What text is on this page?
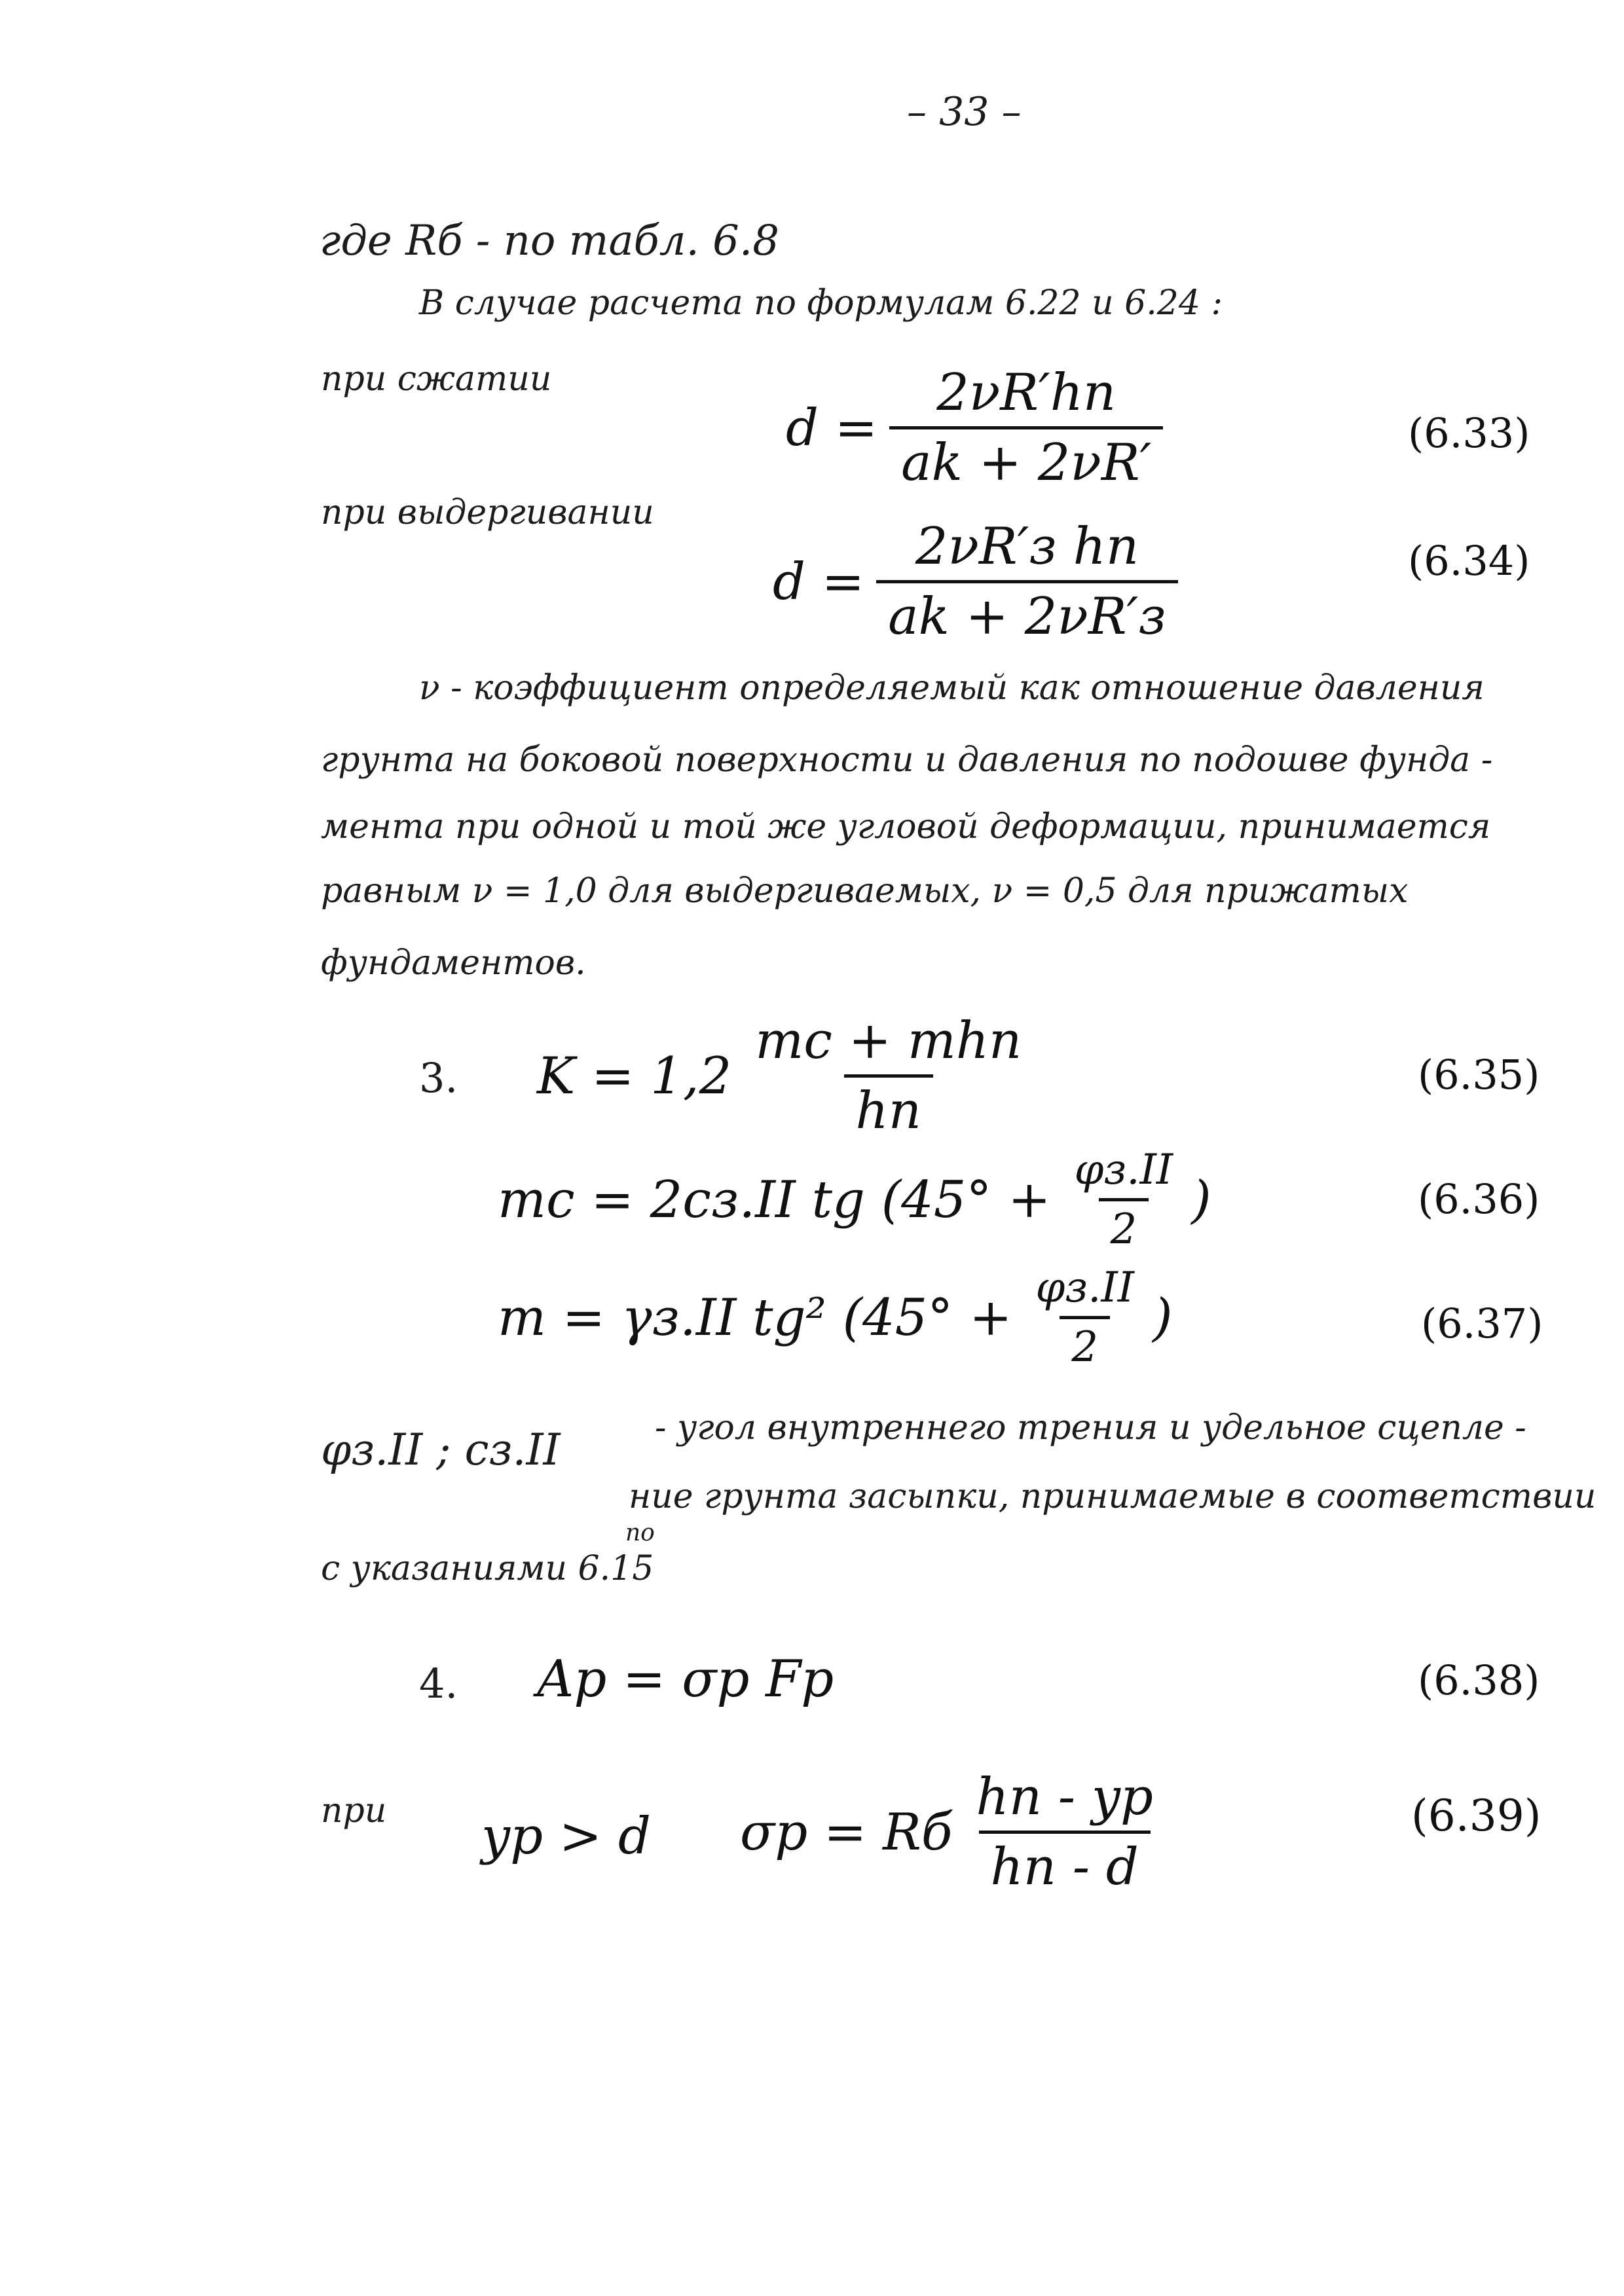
– 33 –
где Rб - по табл. 6.8
В случае расчета по формулам 6.22 и 6.24 :
при сжатии
$d = \frac{2\nu R'hп}{ak + 2\nu R'}$	(6.33)
при выдергивании
$d = \frac{\text{2νR′з hп}}{ak + 2\nu R'з}$	(6.34)
ν - коэффициент определяемый как отношение давления
грунта на боковой поверхности и давления по подошве фунда -
мента при одной и той же угловой деформации, принимается
равным ν = 1,0 для выдергиваемых, ν = 0,5 для прижатых
фундаментов.
3. $K = 1,2 \frac{\text{mс + mhп}}{hп}$	(6.35)
mс = 2cз.II tg ($45^\circ + \frac{\varphi з.II}{2}$ )	(6.36)
m = γз.II tg² ($45^\circ + \frac{\varphi з.II}{2}$ )	(6.37)
φз.II ; cз.II	- угол внутреннего трения и удельное сцепле -
ние грунта засыпки, принимаемые в соответствии
по
с указаниями 6.15
4. Aр = σр Fр	(6.38)
при yр > d σр = Rб $\frac{hп - yр}{hп - d}$	(6.39)
